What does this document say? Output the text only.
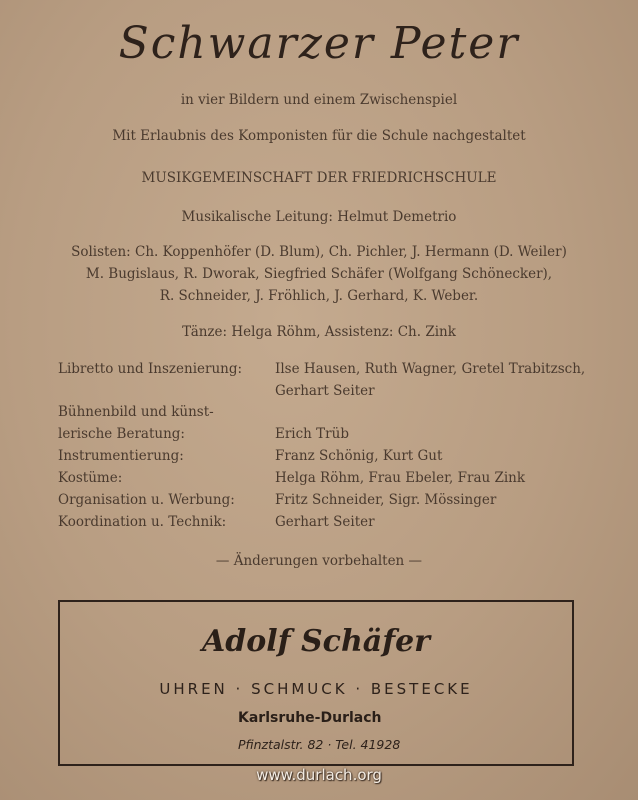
Schwarzer Peter
in vier Bildern und einem Zwischenspiel
Mit Erlaubnis des Komponisten für die Schule nachgestaltet
MUSIKGEMEINSCHAFT DER FRIEDRICHSCHULE
Musikalische Leitung: Helmut Demetrio
Solisten: Ch. Koppenhöfer (D. Blum), Ch. Pichler, J. Hermann (D. Weiler)
M. Bugislaus, R. Dworak, Siegfried Schäfer (Wolfgang Schönecker),
R. Schneider, J. Fröhlich, J. Gerhard, K. Weber.
Tänze: Helga Röhm, Assistenz: Ch. Zink
Libretto und Inszenierung: Ilse Hausen, Ruth Wagner, Gretel Trabitzsch,
Gerhart Seiter
Bühnenbild und künst-
lerische Beratung:	Erich Trüb
Instrumentierung:	Franz Schönig, Kurt Gut
Kostüme:	Helga Röhm, Frau Ebeler, Frau Zink
Organisation u. Werbung:	Fritz Schneider, Sigr. Mössinger
Koordination u. Technik:	Gerhart Seiter
— Änderungen vorbehalten —
Adolf Schäfer
UHREN · SCHMUCK · BESTECKE
Karlsruhe-Durlach
Pfinztalstr. 82 · Tel. 41928
www.durlach.org
